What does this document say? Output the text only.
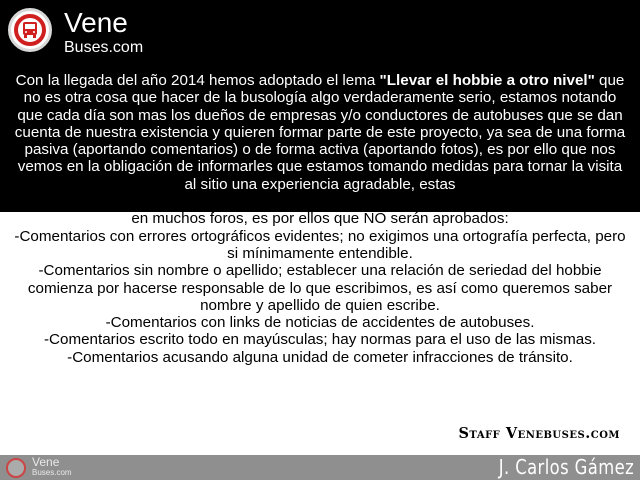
Vene
Buses.com

Con la llegada del año 2014 hemos adoptado el lema "Llevar el hobbie a otro nivel" que no es otra cosa que hacer de la busología algo verdaderamente serio, estamos notando que cada día son mas los dueños de empresas y/o conductores de autobuses que se dan cuenta de nuestra existencia y quieren formar parte de este proyecto, ya sea de una forma pasiva (aportando comentarios) o de forma activa (aportando fotos), es por ello que nos vemos en la obligación de informarles que estamos tomando medidas para tornar la visita al sitio una experiencia agradable, estas
medidas no son algo de otro mundo, solo tiene que ver con el sentido común obligatorio en muchos foros, es por ellos que NO serán aprobados:
-Comentarios con errores ortográficos evidentes; no exigimos una ortografía perfecta, pero si mínimamente entendible.
-Comentarios sin nombre o apellido; establecer una relación de seriedad del hobbie comienza por hacerse responsable de lo que escribimos, es así como queremos saber nombre y apellido de quien escribe.
-Comentarios con links de noticias de accidentes de autobuses.
-Comentarios escrito todo en mayúsculas; hay normas para el uso de las mismas.
-Comentarios acusando alguna unidad de cometer infracciones de tránsito.

Staff Venebuses.com
Vene
Buses.com	J. Carlos Gámez
